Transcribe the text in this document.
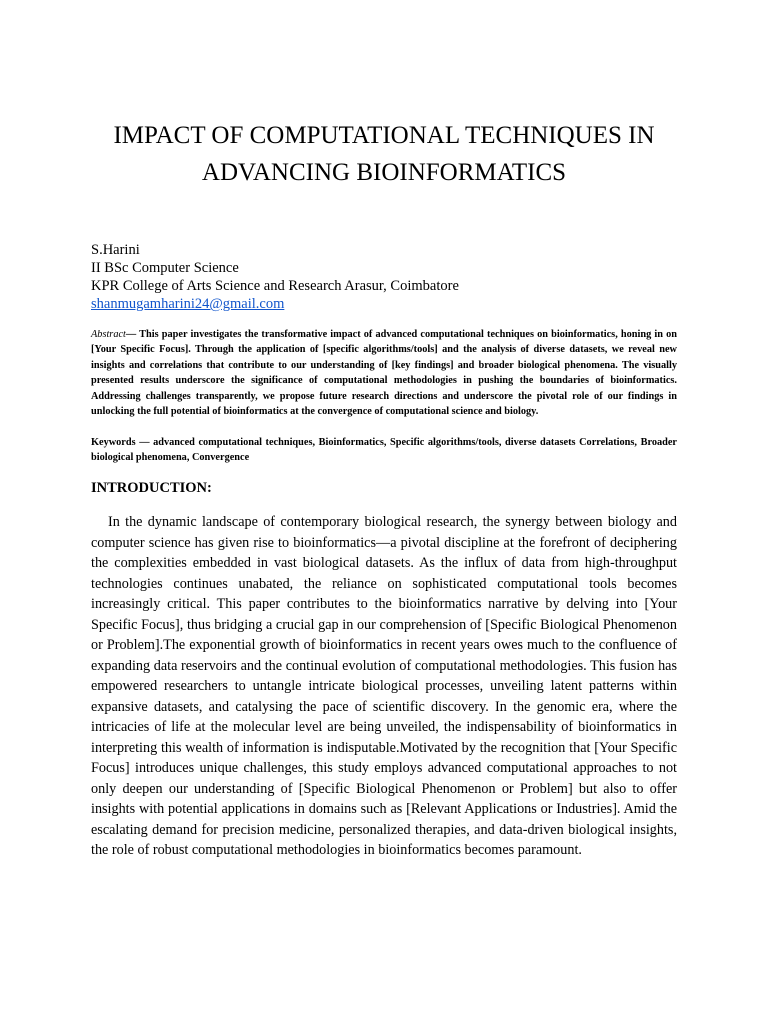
IMPACT OF COMPUTATIONAL TECHNIQUES IN ADVANCING BIOINFORMATICS
S.Harini
II BSc Computer Science
KPR College of Arts Science and Research Arasur, Coimbatore
shanmugamharini24@gmail.com

Abstract— This paper investigates the transformative impact of advanced computational techniques on bioinformatics, honing in on [Your Specific Focus]. Through the application of [specific algorithms/tools] and the analysis of diverse datasets, we reveal new insights and correlations that contribute to our understanding of [key findings] and broader biological phenomena. The visually presented results underscore the significance of computational methodologies in pushing the boundaries of bioinformatics. Addressing challenges transparently, we propose future research directions and underscore the pivotal role of our findings in unlocking the full potential of bioinformatics at the convergence of computational science and biology.

Keywords — advanced computational techniques, Bioinformatics, Specific algorithms/tools, diverse datasets Correlations, Broader biological phenomena, Convergence

INTRODUCTION:

In the dynamic landscape of contemporary biological research, the synergy between biology and computer science has given rise to bioinformatics—a pivotal discipline at the forefront of deciphering the complexities embedded in vast biological datasets. As the influx of data from high-throughput technologies continues unabated, the reliance on sophisticated computational tools becomes increasingly critical. This paper contributes to the bioinformatics narrative by delving into [Your Specific Focus], thus bridging a crucial gap in our comprehension of [Specific Biological Phenomenon or Problem].The exponential growth of bioinformatics in recent years owes much to the confluence of expanding data reservoirs and the continual evolution of computational methodologies. This fusion has empowered researchers to untangle intricate biological processes, unveiling latent patterns within expansive datasets, and catalysing the pace of scientific discovery. In the genomic era, where the intricacies of life at the molecular level are being unveiled, the indispensability of bioinformatics in interpreting this wealth of information is indisputable.Motivated by the recognition that [Your Specific Focus] introduces unique challenges, this study employs advanced computational approaches to not only deepen our understanding of [Specific Biological Phenomenon or Problem] but also to offer insights with potential applications in domains such as [Relevant Applications or Industries]. Amid the escalating demand for precision medicine, personalized therapies, and data-driven biological insights, the role of robust computational methodologies in bioinformatics becomes paramount.
